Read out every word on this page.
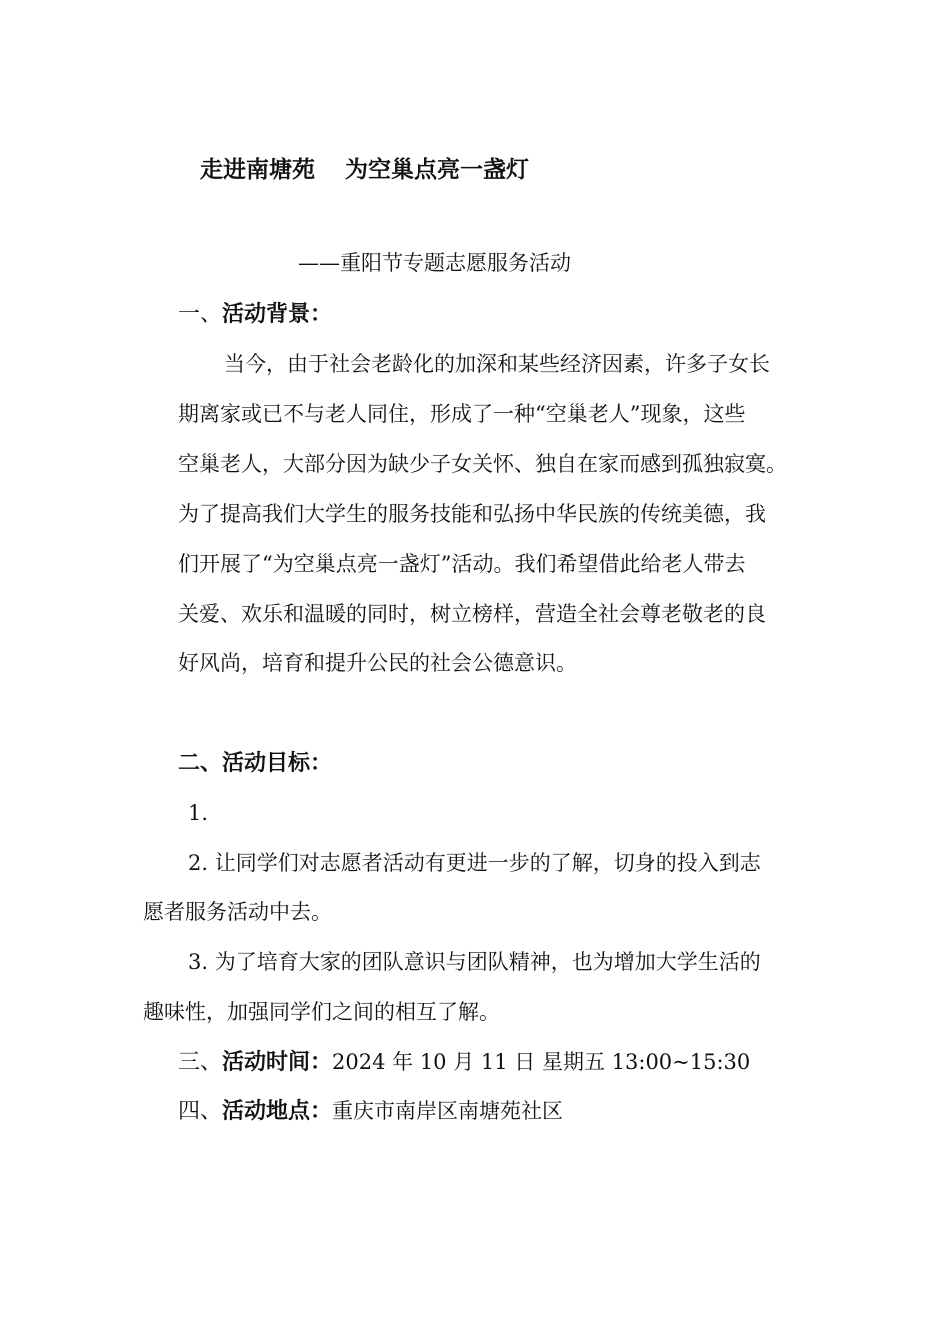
走进南塘苑 为空巢点亮一盏灯
——重阳节专题志愿服务活动
一、活动背景：
当今，由于社会老龄化的加深和某些经济因素，许多子女长
期离家或已不与老人同住，形成了一种“空巢老人”现象，这些
空巢老人，大部分因为缺少子女关怀、独自在家而感到孤独寂寞。
为了提高我们大学生的服务技能和弘扬中华民族的传统美德，我
们开展了“为空巢点亮一盏灯”活动。我们希望借此给老人带去
关爱、欢乐和温暖的同时，树立榜样，营造全社会尊老敬老的良
好风尚，培育和提升公民的社会公德意识。
二、活动目标：
1.
2. 让同学们对志愿者活动有更进一步的了解，切身的投入到志
愿者服务活动中去。
3. 为了培育大家的团队意识与团队精神，也为增加大学生活的
趣味性，加强同学们之间的相互了解。
三、活动时间：2024 年 10 月 11 日 星期五 13:00~15:30
四、活动地点：重庆市南岸区南塘苑社区
